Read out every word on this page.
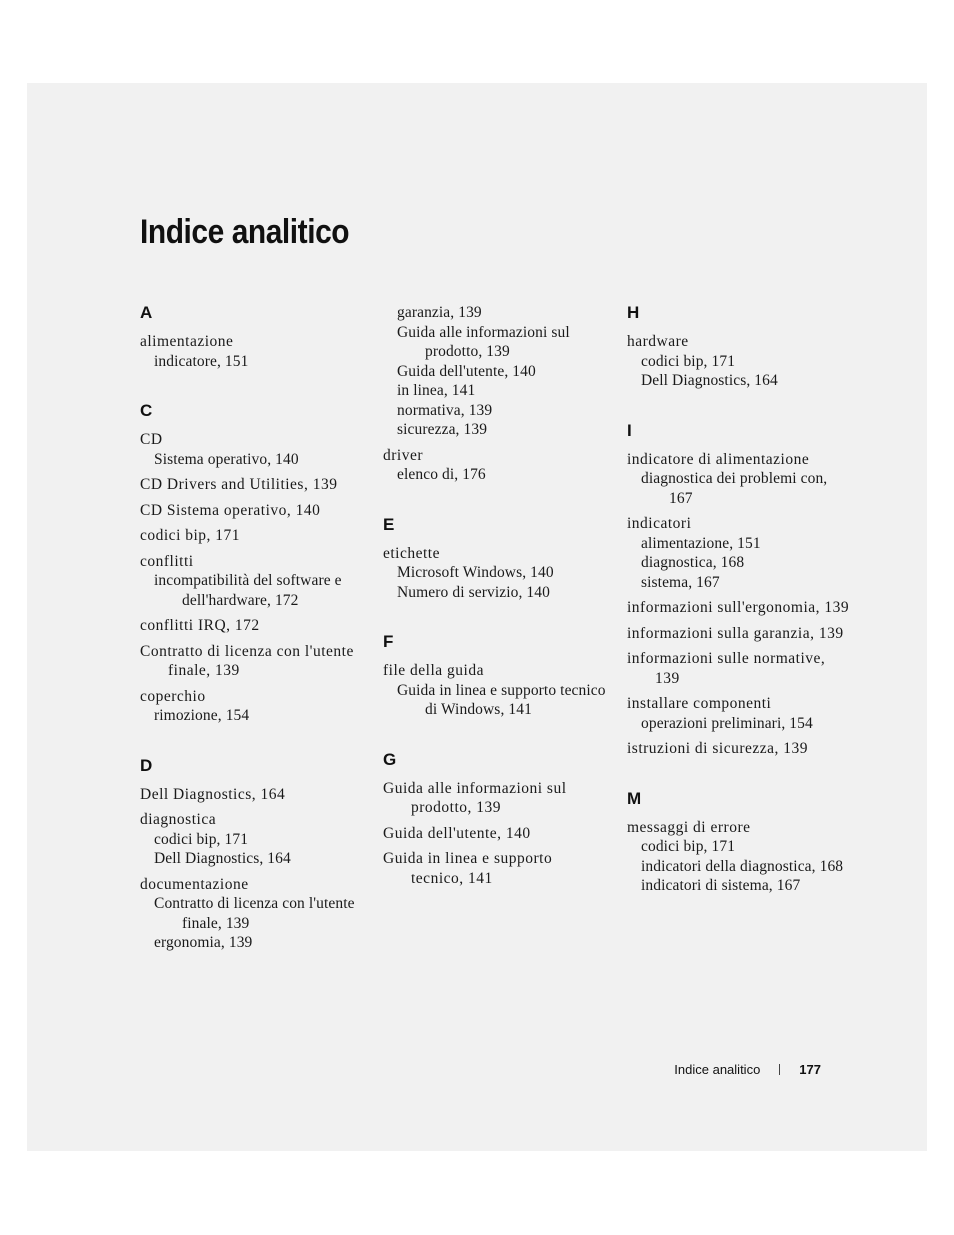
Indice analitico
A
alimentazione
indicatore, 151
C
CD
Sistema operativo, 140
CD Drivers and Utilities, 139
CD Sistema operativo, 140
codici bip, 171
conflitti
incompatibilità del software e dell'hardware, 172
conflitti IRQ, 172
Contratto di licenza con l'utente finale, 139
coperchio
rimozione, 154
D
Dell Diagnostics, 164
diagnostica
codici bip, 171
Dell Diagnostics, 164
documentazione
Contratto di licenza con l'utente finale, 139
ergonomia, 139
garanzia, 139
Guida alle informazioni sul prodotto, 139
Guida dell'utente, 140
in linea, 141
normativa, 139
sicurezza, 139
driver
elenco di, 176
E
etichette
Microsoft Windows, 140
Numero di servizio, 140
F
file della guida
Guida in linea e supporto tecnico di Windows, 141
G
Guida alle informazioni sul prodotto, 139
Guida dell'utente, 140
Guida in linea e supporto tecnico, 141
H
hardware
codici bip, 171
Dell Diagnostics, 164
I
indicatore di alimentazione
diagnostica dei problemi con, 167
indicatori
alimentazione, 151
diagnostica, 168
sistema, 167
informazioni sull'ergonomia, 139
informazioni sulla garanzia, 139
informazioni sulle normative, 139
installare componenti
operazioni preliminari, 154
istruzioni di sicurezza, 139
M
messaggi di errore
codici bip, 171
indicatori della diagnostica, 168
indicatori di sistema, 167
Indice analitico	177
